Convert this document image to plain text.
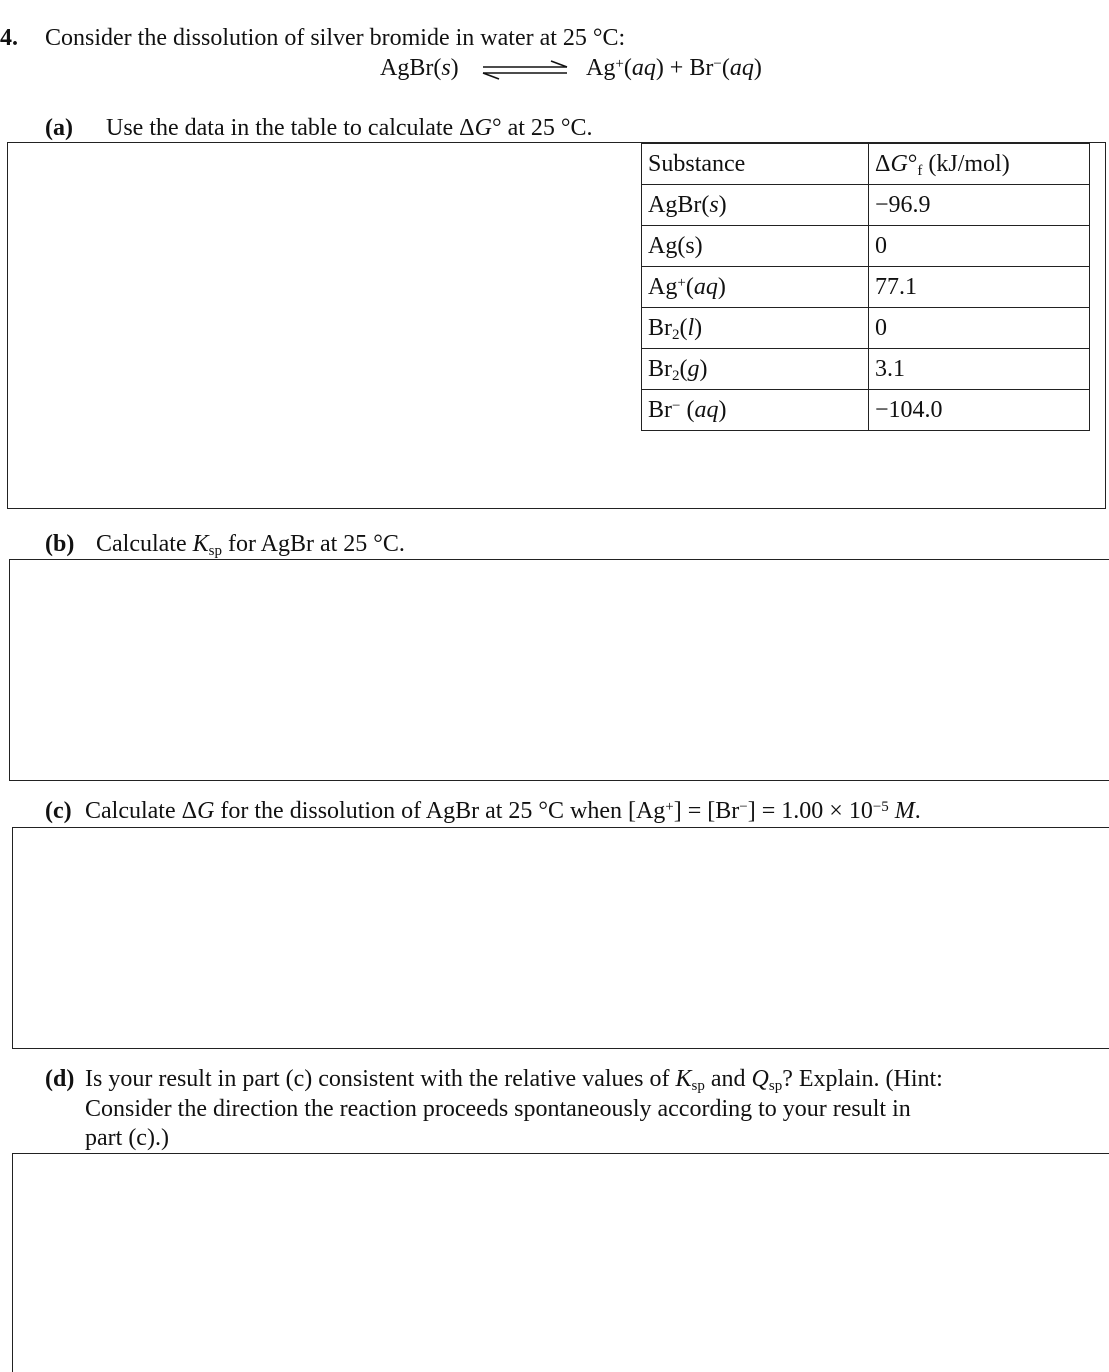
4. Consider the dissolution of silver bromide in water at 25 °C:
AgBr(s)	Ag+(aq) + Br−(aq)
(a) Use the data in the table to calculate ΔG° at 25 °C.
Substance	$\Delta G^\circ_f$ (kJ/mol)
AgBr(s)	−96.9
Ag(s)	0
Ag+(aq)	77.1
$Br_2(l)$	0
$Br_2(g)$	3.1
Br− (aq)	−104.0
(b) Calculate $K_{sp}$ for AgBr at 25 °C.
(c) Calculate ΔG for the dissolution of AgBr at 25 °C when $[Ag^+] = [Br^-] = 1.00 \times 10^{-5}$ M.
(d) Is your result in part (c) consistent with the relative values of $K_{sp}$ and $Q_{sp}$? Explain. (Hint:
Consider the direction the reaction proceeds spontaneously according to your result in
part (c).)
